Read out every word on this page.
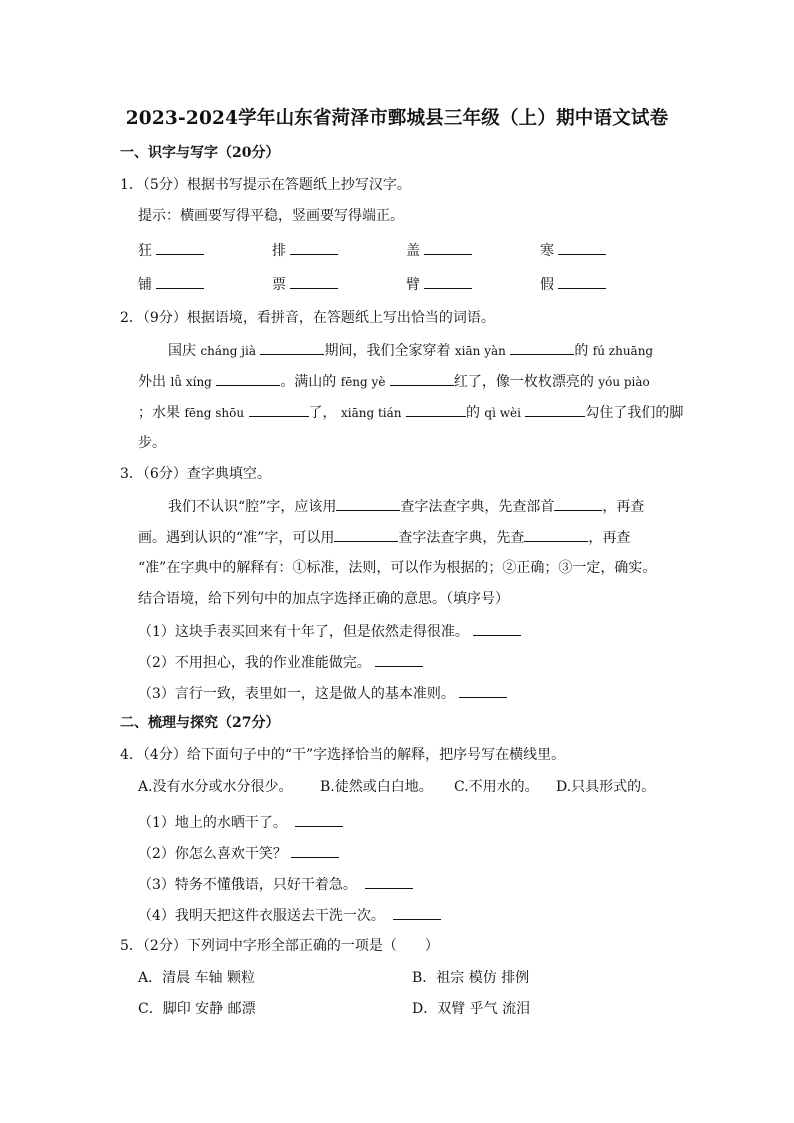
2023-2024学年山东省菏泽市鄄城县三年级（上）期中语文试卷
一、识字与写字（20分）
1．（5分）根据书写提示在答题纸上抄写汉字。
提示：横画要写得平稳，竖画要写得端正。
狂	排	盖	寒
铺	票	臂	假
2．（9分）根据语境，看拼音，在答题纸上写出恰当的词语。
国庆 cháng jià	期间，我们全家穿着 xiān yàn	的 fú zhuāng
外出 lǚ xíng	。满山的 fēng yè	红了，像一枚枚漂亮的 yóu piào
；水果 fēng shōu	了， xiāng tián	的 qì wèi	勾住了我们的脚
步。
3．（6分）查字典填空。
我们不认识“腔”字，应该用	查字法查字典，先查部首	，再查
画。遇到认识的“准”字，可以用	查字法查字典，先查	，再查
“准”在字典中的解释有：①标准，法则，可以作为根据的；②正确；③一定，确实。
结合语境，给下列句中的加点字选择正确的意思。（填序号）
（1）这块手表买回来有十年了，但是依然走得很准。
（2）不用担心，我的作业准能做完。
（3）言行一致，表里如一，这是做人的基本准则。
二、梳理与探究（27分）
4．（4分）给下面句子中的“干”字选择恰当的解释，把序号写在横线里。
A.没有水分或水分很少。 B.徒然或白白地。 C.不用水的。 D.只具形式的。
（1）地上的水晒干了。
（2）你怎么喜欢干笑？
（3）特务不懂俄语，只好干着急。
（4）我明天把这件衣服送去干洗一次。
5．（2分）下列词中字形全部正确的一项是（　　）
A．清晨 车轴 颗粒	B．祖宗 模仿 排例
C．脚印 安静 邮漂	D．双臂 乎气 流泪
